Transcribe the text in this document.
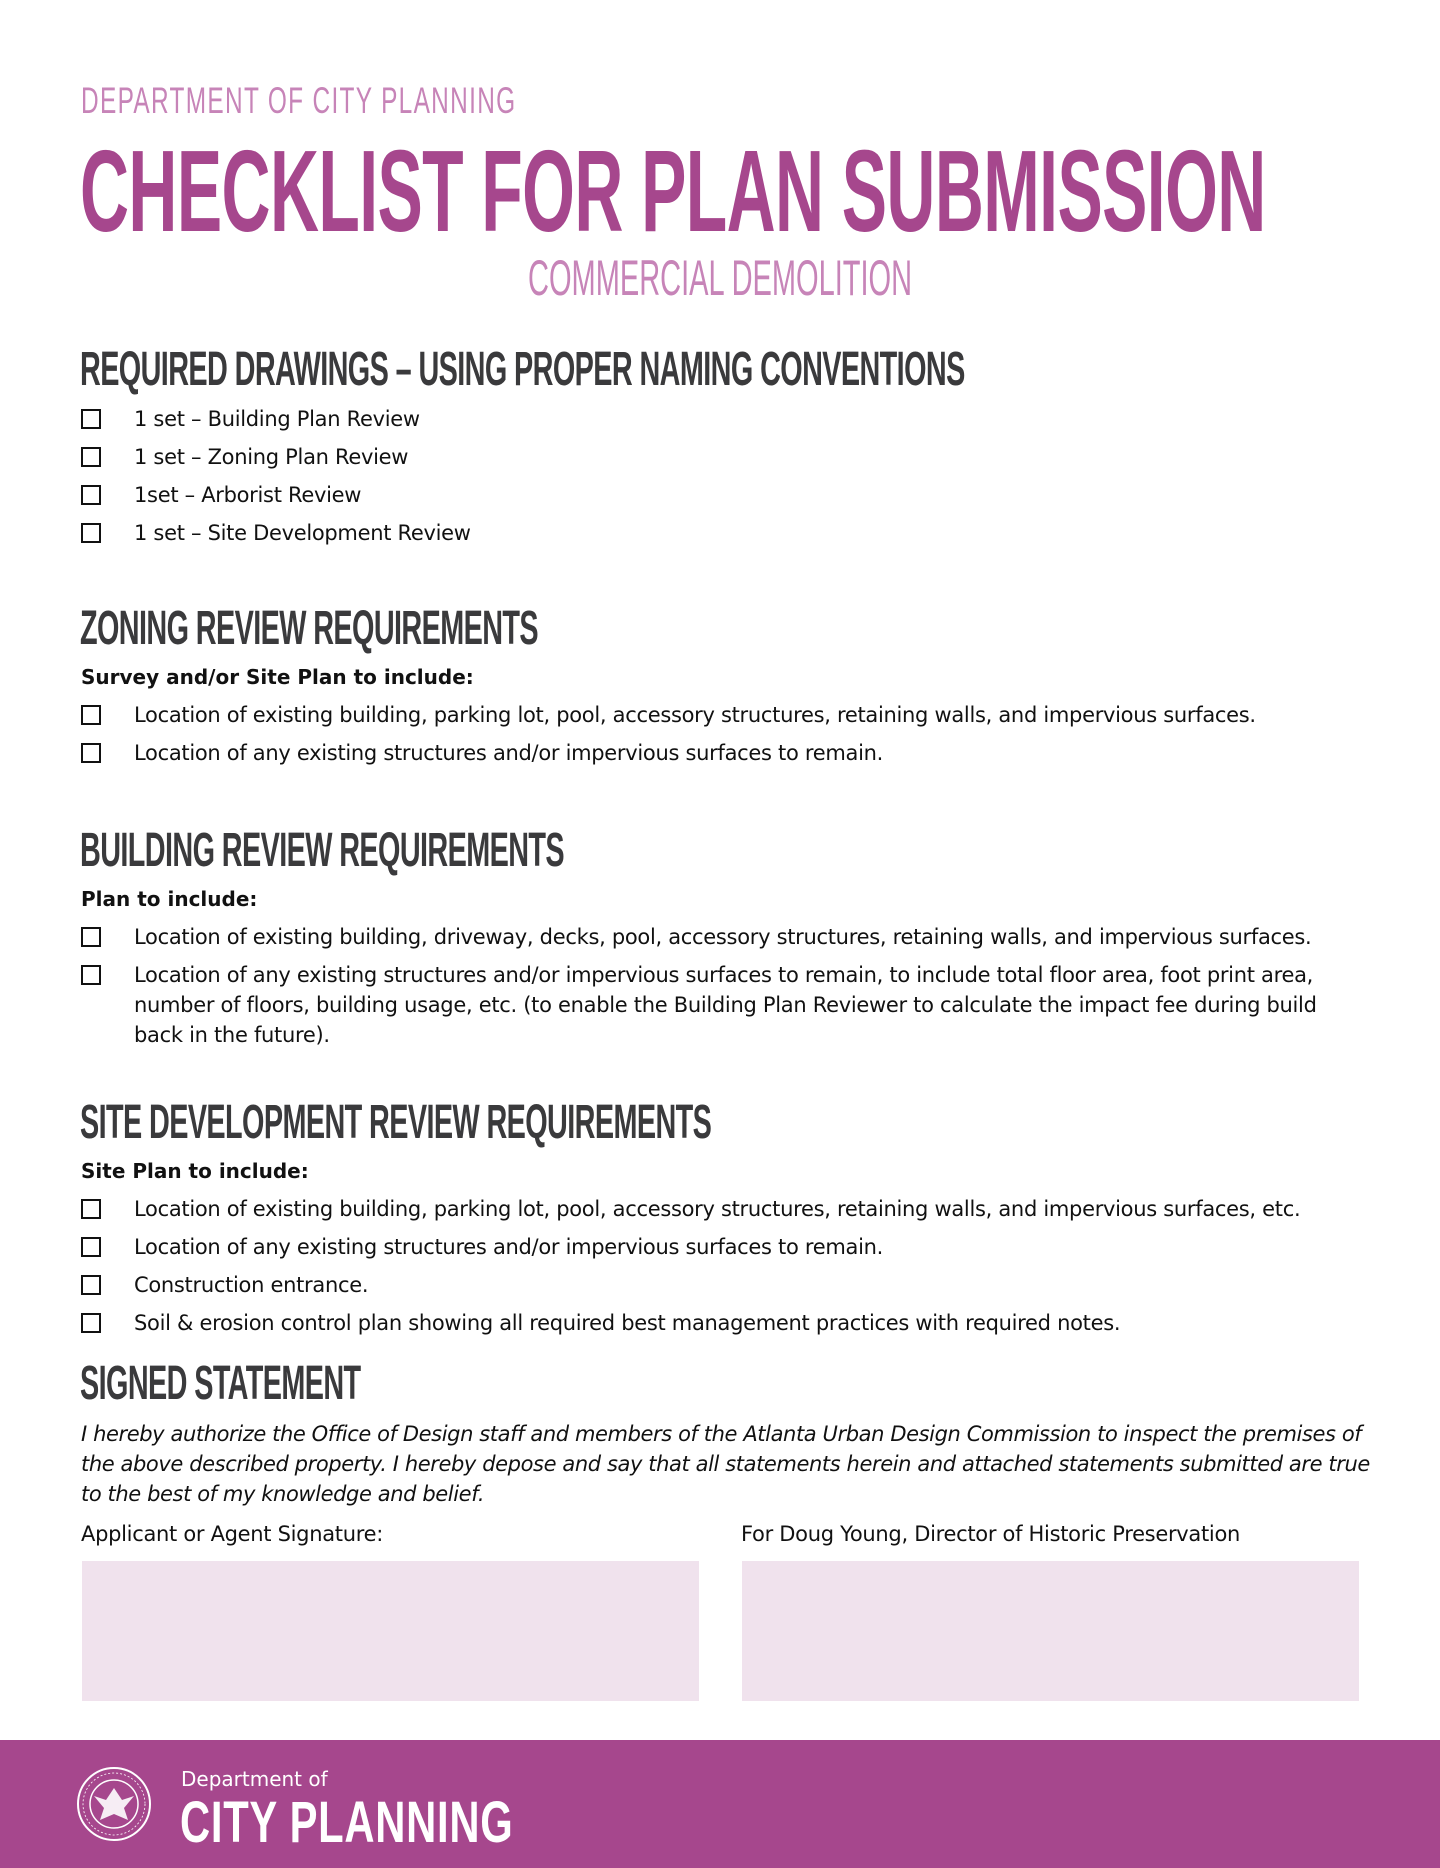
DEPARTMENT OF CITY PLANNING
CHECKLIST FOR PLAN SUBMISSION
COMMERCIAL DEMOLITION
REQUIRED DRAWINGS – USING PROPER NAMING CONVENTIONS
1 set – Building Plan Review
1 set – Zoning Plan Review
1set – Arborist Review
1 set – Site Development Review
ZONING REVIEW REQUIREMENTS
Survey and/or Site Plan to include:
Location of existing building, parking lot, pool, accessory structures, retaining walls, and impervious surfaces.
Location of any existing structures and/or impervious surfaces to remain.
BUILDING REVIEW REQUIREMENTS
Plan to include:
Location of existing building, driveway, decks, pool, accessory structures, retaining walls, and impervious surfaces.
Location of any existing structures and/or impervious surfaces to remain, to include total floor area, foot print area, number of floors, building usage, etc. (to enable the Building Plan Reviewer to calculate the impact fee during build back in the future).
SITE DEVELOPMENT REVIEW REQUIREMENTS
Site Plan to include:
Location of existing building, parking lot, pool, accessory structures, retaining walls, and impervious surfaces, etc.
Location of any existing structures and/or impervious surfaces to remain.
Construction entrance.
Soil & erosion control plan showing all required best management practices with required notes.
SIGNED STATEMENT
I hereby authorize the Office of Design staff and members of the Atlanta Urban Design Commission to inspect the premises of the above described property. I hereby depose and say that all statements herein and attached statements submitted are true to the best of my knowledge and belief.
Applicant or Agent Signature:	For Doug Young, Director of Historic Preservation
Department of
CITY PLANNING
